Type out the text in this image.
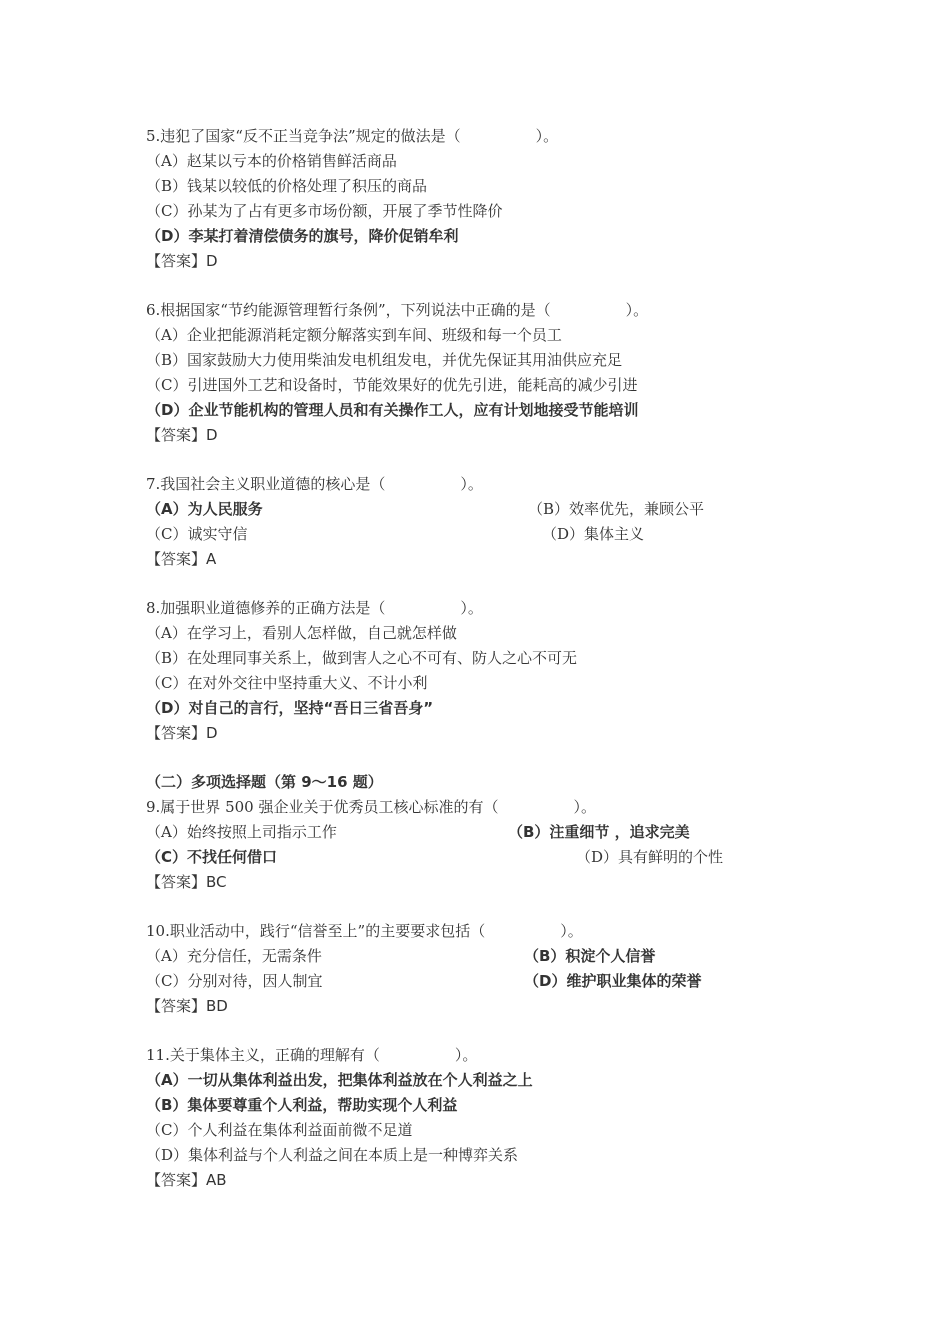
5.违犯了国家“反不正当竞争法”规定的做法是（　　　　　）。
（A）赵某以亏本的价格销售鲜活商品
（B）钱某以较低的价格处理了积压的商品
（C）孙某为了占有更多市场份额，开展了季节性降价
（D）李某打着清偿债务的旗号，降价促销牟利
【答案】D
6.根据国家“节约能源管理暂行条例”，下列说法中正确的是（　　　　　）。
（A）企业把能源消耗定额分解落实到车间、班级和每一个员工
（B）国家鼓励大力使用柴油发电机组发电，并优先保证其用油供应充足
（C）引进国外工艺和设备时，节能效果好的优先引进，能耗高的减少引进
（D）企业节能机构的管理人员和有关操作工人，应有计划地接受节能培训
【答案】D
7.我国社会主义职业道德的核心是（　　　　　）。
（A）为人民服务	（B）效率优先，兼顾公平
（C）诚实守信	（D）集体主义
【答案】A
8.加强职业道德修养的正确方法是（　　　　　）。
（A）在学习上，看别人怎样做，自己就怎样做
（B）在处理同事关系上，做到害人之心不可有、防人之心不可无
（C）在对外交往中坚持重大义、不计小利
（D）对自己的言行，坚持“吾日三省吾身”
【答案】D
（二）多项选择题（第 9～16 题）
9.属于世界 500 强企业关于优秀员工核心标准的有（　　　　　）。
（A）始终按照上司指示工作	（B）注重细节 ，追求完美
（C）不找任何借口	（D）具有鲜明的个性
【答案】BC
10.职业活动中，践行“信誉至上”的主要要求包括（　　　　　）。
（A）充分信任，无需条件	（B）积淀个人信誉
（C）分别对待，因人制宜	（D）维护职业集体的荣誉
【答案】BD
11.关于集体主义，正确的理解有（　　　　　）。
（A）一切从集体利益出发，把集体利益放在个人利益之上
（B）集体要尊重个人利益，帮助实现个人利益
（C）个人利益在集体利益面前微不足道
（D）集体利益与个人利益之间在本质上是一种博弈关系
【答案】AB
